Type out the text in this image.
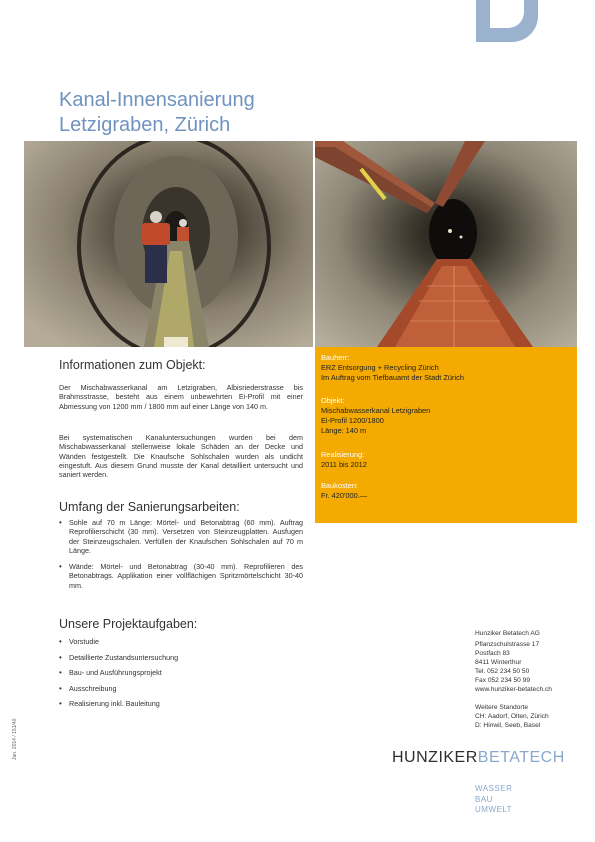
Kanal-Innensanierung
Letzigraben, Zürich

Bauherr:

ERZ Entsorgung + Recycling Zürich

Im Auftrag vom Tiefbauamt der Stadt Zürich

Objekt:

Mischabwasserkanal Letzigraben

Ei-Profil 1200/1800

Länge: 140 m

Realisierung:

2011 bis 2012

Baukosten:

Fr. 420'000.—

Informationen zum Objekt:

Der Mischabwasserkanal am Letzigraben, Albisriederstrasse bis Brahmsstrasse, besteht aus einem unbewehrten Ei-Profil mit einer Abmessung von 1200 mm / 1800 mm auf einer Länge von 140 m.

Bei systematischen Kanaluntersuchungen wurden bei dem Mischabwasserkanal stellenweise lokale Schäden an der Decke und Wänden festgestellt. Die Knaufsche Sohlschalen wurden als undicht eingestuft. Aus diesem Grund musste der Kanal detailliert untersucht und saniert werden.

Umfang der Sanierungsarbeiten:
• Sohle auf 70 m Länge: Mörtel- und Betonabtrag (60 mm). Auftrag Reprofilierschicht (30 mm). Versetzen von Steinzeugplatten. Ausfugen der Steinzeugschalen. Verfüllen der Knaufschen Sohlschalen auf 70 m Länge.
• Wände: Mörtel- und Betonabtrag (30-40 mm). Reprofilieren des Betonabtrags. Applikation einer vollflächigen Spritzmörtelschicht 30-40 mm.
Unsere Projektaufgaben:
• Vorstudie
• Detaillierte Zustandsuntersuchung
• Bau- und Ausführungsprojekt
• Ausschreibung
• Realisierung inkl. Bauleitung

Hunziker Betatech AG

Pflanzschulstrasse 17

Postfach 83

8411 Winterthur

Tel. 052 234 50 50

Fax 052 234 50 99

www.hunziker-betatech.ch

Weitere Standorte

CH: Aadorf, Olten, Zürich

D: Hinwil, Seeb, Basel

HUNZIKERBETATECH
WASSER
BAU
UMWELT
Jan. 2014 / 151/40
